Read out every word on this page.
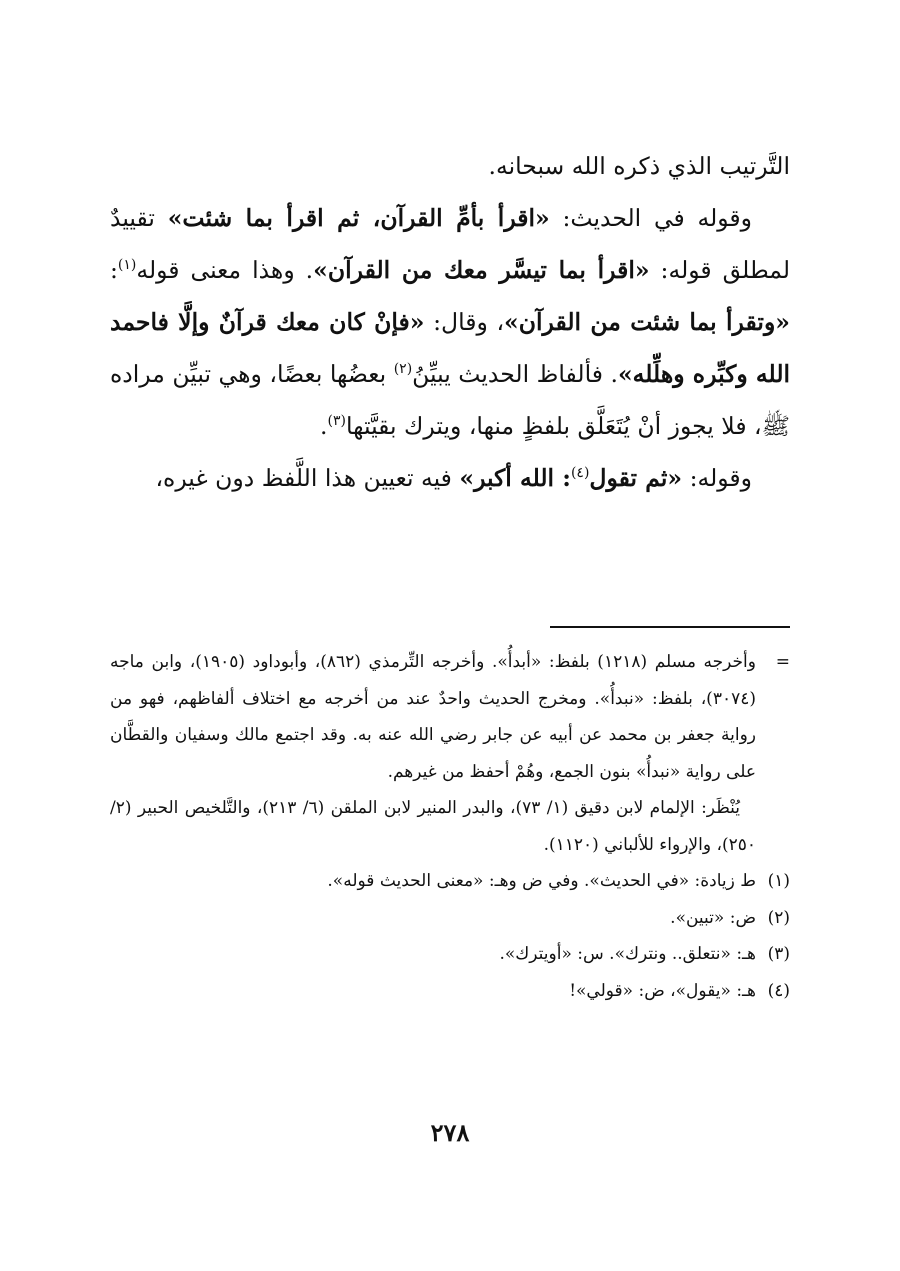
التَّرتيب الذي ذكره الله سبحانه.

وقوله في الحديث: «اقرأ بأمِّ القرآن، ثم اقرأ بما شئت» تقييدٌ لمطلق قوله: «اقرأ بما تيسَّر معك من القرآن». وهذا معنى قوله$^{(١)}$: «وتقرأ بما شئت من القرآن»، وقال: «فإنْ كان معك قرآنٌ وإلَّا فاحمد الله وكبِّره وهلِّله». فألفاظ الحديث يبيِّنُ$^{(٢)}$ بعضُها بعضًا، وهي تبيِّن مراده ﷺ، فلا يجوز أنْ يُتَعَلَّق بلفظٍ منها، ويترك بقيَّتها$^{(٣)}$.

وقوله: «ثم تقول$^{(٤)}$: الله أكبر» فيه تعيين هذا اللَّفظ دون غيره،

=

وأخرجه مسلم (١٢١٨) بلفظ: «أبدأُ». وأخرجه التِّرمذي (٨٦٢)، وأبوداود (١٩٠٥)، وابن ماجه (٣٠٧٤)، بلفظ: «نبدأُ». ومخرج الحديث واحدٌ عند من أخرجه مع اختلاف ألفاظهم، فهو من رواية جعفر بن محمد عن أبيه عن جابر رضي الله عنه به. وقد اجتمع مالك وسفيان والقطَّان على رواية «نبدأُ» بنون الجمع، وهُمْ أحفظ من غيرهم.

يُنْظَر: الإلمام لابن دقيق (١/ ٧٣)، والبدر المنير لابن الملقن (٦/ ٢١٣)، والتَّلخيص الحبير (٢/ ٢٥٠)، والإرواء للألباني (١١٢٠).

(١)
ط زيادة: «في الحديث». وفي ض وهـ: «معنى الحديث قوله».
(٢)
ض: «تبين».
(٣)
هـ: «نتعلق.. ونترك». س: «أويترك».
(٤)
هـ: «يقول»، ض: «قولي»!
٢٧٨
